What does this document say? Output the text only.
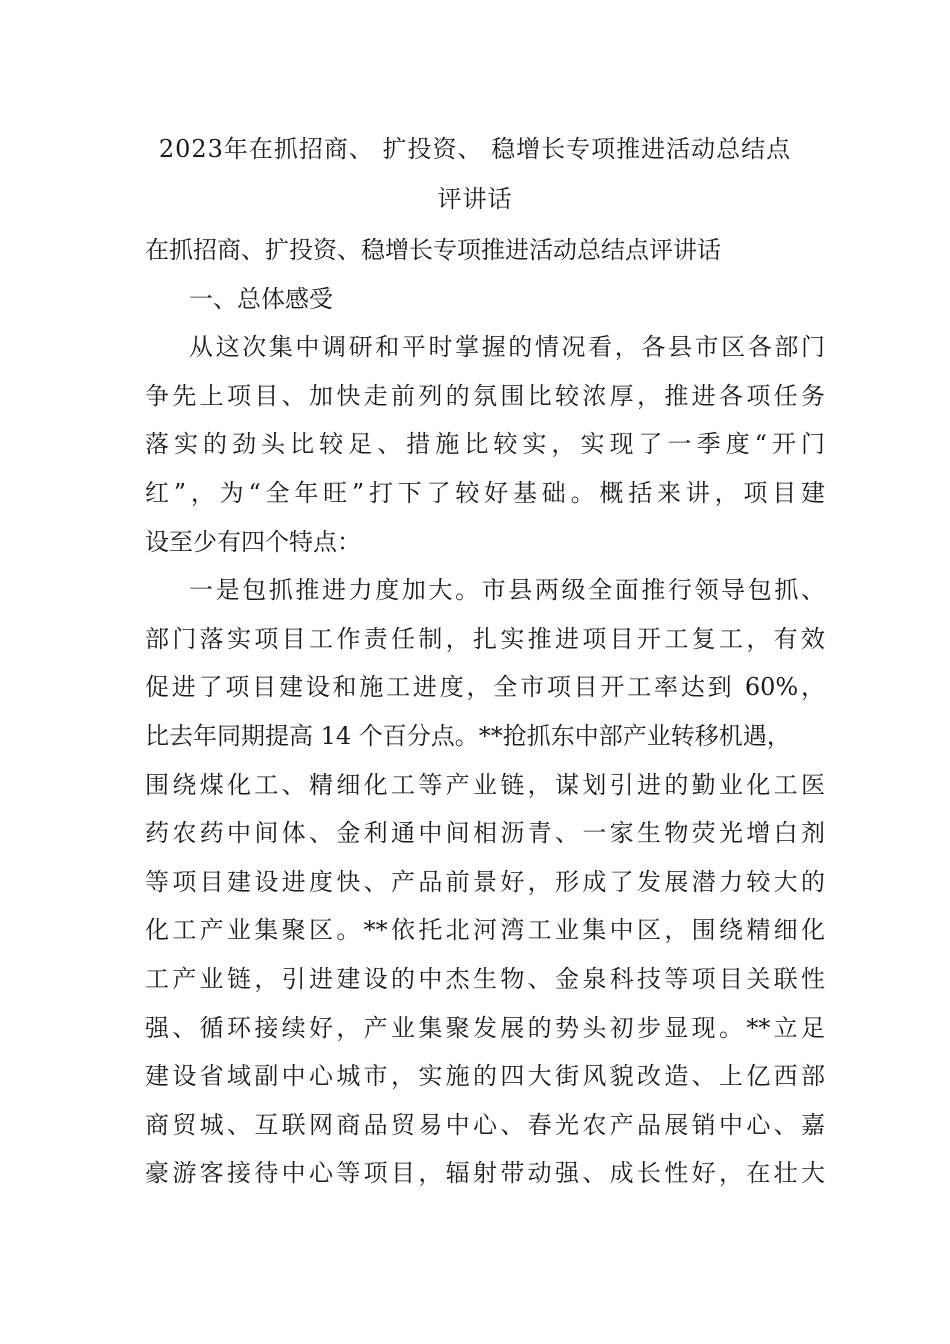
2023年在抓招商、 扩投资、 稳增长专项推进活动总结点
评讲话
在抓招商、扩投资、稳增长专项推进活动总结点评讲话
一、总体感受
从这次集中调研和平时掌握的情况看，各县市区各部门
争先上项目、加快走前列的氛围比较浓厚，推进各项任务
落实的劲头比较足、措施比较实，实现了一季度“开门
红”，为“全年旺”打下了较好基础。概括来讲，项目建
设至少有四个特点：
一是包抓推进力度加大。市县两级全面推行领导包抓、
部门落实项目工作责任制，扎实推进项目开工复工，有效
促进了项目建设和施工进度，全市项目开工率达到 60%，
比去年同期提高 14 个百分点。**抢抓东中部产业转移机遇，
围绕煤化工、精细化工等产业链，谋划引进的勤业化工医
药农药中间体、金利通中间相沥青、一家生物荧光增白剂
等项目建设进度快、产品前景好，形成了发展潜力较大的
化工产业集聚区。**依托北河湾工业集中区，围绕精细化
工产业链，引进建设的中杰生物、金泉科技等项目关联性
强、循环接续好，产业集聚发展的势头初步显现。**立足
建设省域副中心城市，实施的四大街风貌改造、上亿西部
商贸城、互联网商品贸易中心、春光农产品展销中心、嘉
豪游客接待中心等项目，辐射带动强、成长性好，在壮大
